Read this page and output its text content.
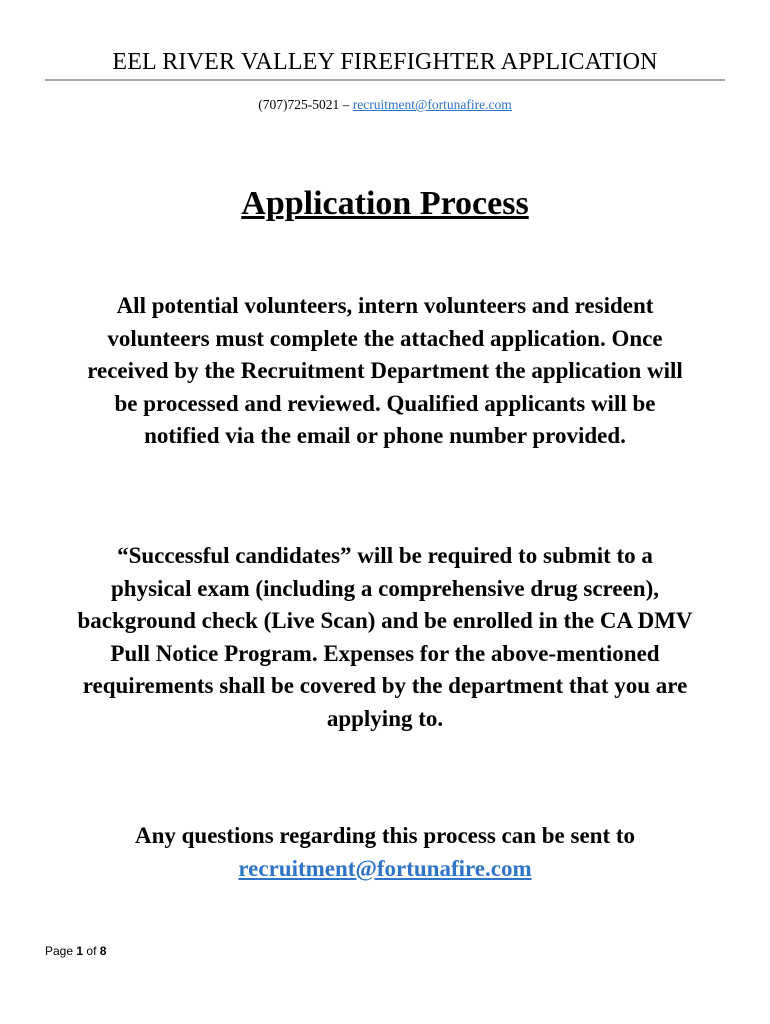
EEL RIVER VALLEY FIREFIGHTER APPLICATION
(707)725-5021 – recruitment@fortunafire.com
Application Process
All potential volunteers, intern volunteers and resident
volunteers must complete the attached application. Once
received by the Recruitment Department the application will
be processed and reviewed. Qualified applicants will be
notified via the email or phone number provided.
“Successful candidates” will be required to submit to a
physical exam (including a comprehensive drug screen),
background check (Live Scan) and be enrolled in the CA DMV
Pull Notice Program. Expenses for the above-mentioned
requirements shall be covered by the department that you are
applying to.
Any questions regarding this process can be sent to
recruitment@fortunafire.com
Page 1 of 8
